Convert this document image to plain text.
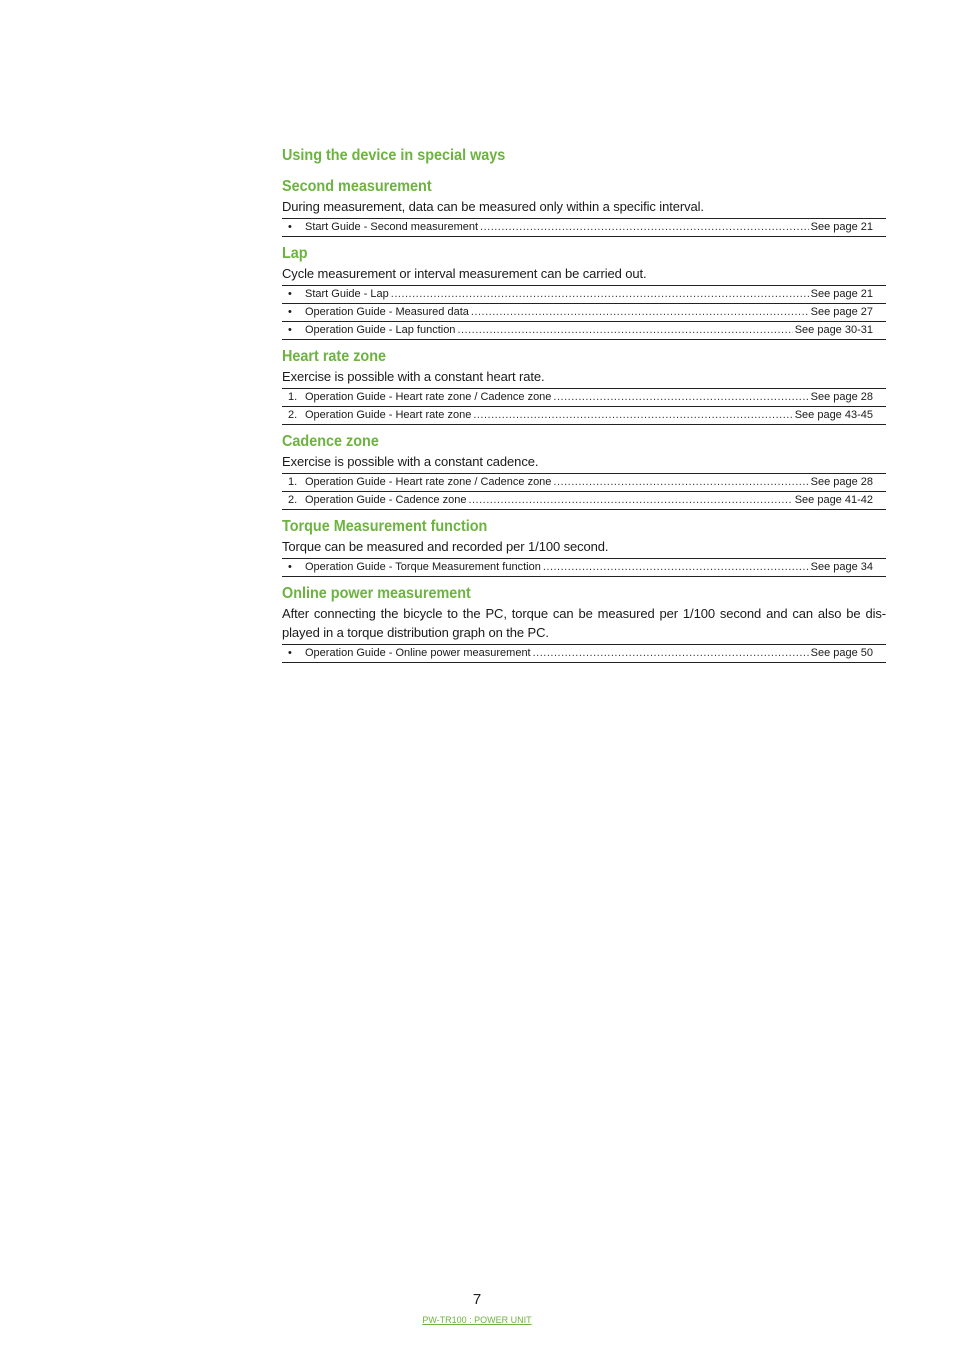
Using the device in special ways
Second measurement

During measurement, data can be measured only within a specific interval.

•	Start Guide - Second measurement .....	See page 21
Lap

Cycle measurement or interval measurement can be carried out.

•	Start Guide - Lap .....	See page 21
•	Operation Guide - Measured data .....	See page 27
•	Operation Guide - Lap function .....	See page 30-31
Heart rate zone

Exercise is possible with a constant heart rate.

1. Operation Guide - Heart rate zone / Cadence zone .....	See page 28
2. Operation Guide - Heart rate zone .....	See page 43-45
Cadence zone

Exercise is possible with a constant cadence.

1. Operation Guide - Heart rate zone / Cadence zone .....	See page 28
2. Operation Guide - Cadence zone .....	See page 41-42
Torque Measurement function

Torque can be measured and recorded per 1/100 second.

•	Operation Guide - Torque Measurement function .....	See page 34
Online power measurement

After connecting the bicycle to the PC, torque can be measured per 1/100 second and can also be dis-played in a torque distribution graph on the PC.

•	Operation Guide - Online power measurement .....	See page 50

7

PW-TR100 : POWER UNIT
